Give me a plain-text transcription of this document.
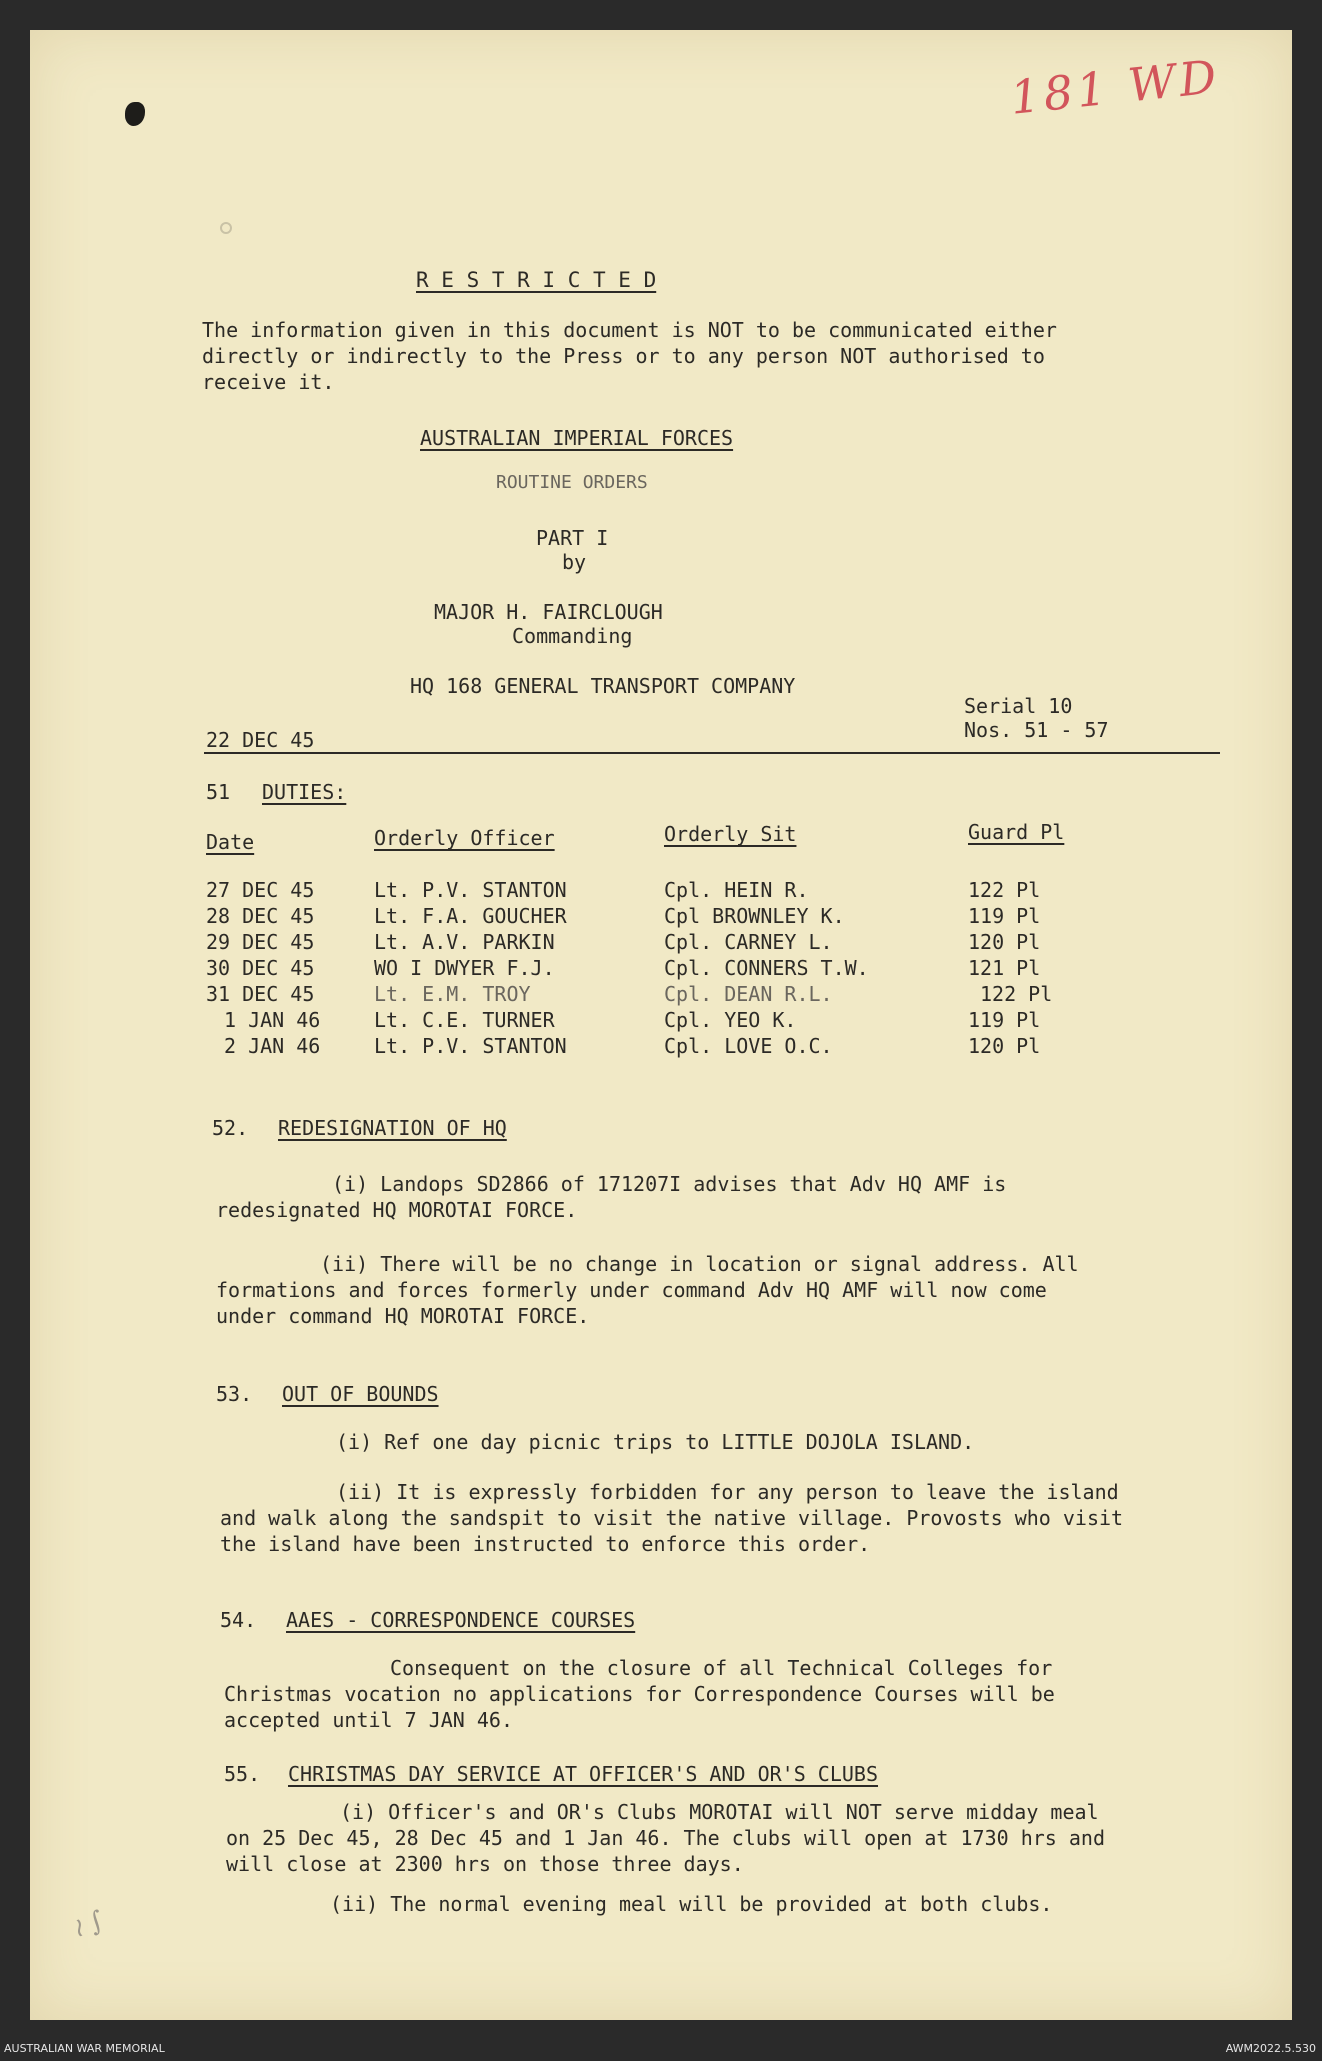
181 WD
R E S T R I C T E D
The information given in this document is NOT to be communicated either
directly or indirectly to the Press or to any person NOT authorised to
receive it.
AUSTRALIAN IMPERIAL FORCES
ROUTINE ORDERS
PART I
by
MAJOR H. FAIRCLOUGH
Commanding
HQ 168 GENERAL TRANSPORT COMPANY
Serial 10
Nos. 51 - 57
22 DEC 45
51 DUTIES:
Date	Orderly Officer	Orderly Sit	Guard Pl
27 DEC 45	Lt. P.V. STANTON	Cpl. HEIN R.	122 Pl
28 DEC 45	Lt. F.A. GOUCHER	Cpl BROWNLEY K.	119 Pl
29 DEC 45	Lt. A.V. PARKIN	Cpl. CARNEY L.	120 Pl
30 DEC 45	WO I DWYER F.J.	Cpl. CONNERS T.W.	121 Pl
31 DEC 45	Lt. E.M. TROY	Cpl. DEAN R.L.	122 Pl
1 JAN 46	Lt. C.E. TURNER	Cpl. YEO K.	119 Pl
2 JAN 46	Lt. P.V. STANTON	Cpl. LOVE O.C.	120 Pl
52. REDESIGNATION OF HQ
(i) Landops SD2866 of 171207I advises that Adv HQ AMF is
redesignated HQ MOROTAI FORCE.
(ii) There will be no change in location or signal address. All
formations and forces formerly under command Adv HQ AMF will now come
under command HQ MOROTAI FORCE.
53. OUT OF BOUNDS
(i) Ref one day picnic trips to LITTLE DOJOLA ISLAND.
(ii) It is expressly forbidden for any person to leave the island
and walk along the sandspit to visit the native village. Provosts who visit
the island have been instructed to enforce this order.
54. AAES - CORRESPONDENCE COURSES
Consequent on the closure of all Technical Colleges for
Christmas vocation no applications for Correspondence Courses will be
accepted until 7 JAN 46.
55. CHRISTMAS DAY SERVICE AT OFFICER'S AND OR'S CLUBS
(i) Officer's and OR's Clubs MOROTAI will NOT serve midday meal
on 25 Dec 45, 28 Dec 45 and 1 Jan 46. The clubs will open at 1730 hrs and
will close at 2300 hrs on those three days.
(ii) The normal evening meal will be provided at both clubs.
≀ ∫
AUSTRALIAN WAR MEMORIAL	AWM2022.5.530
